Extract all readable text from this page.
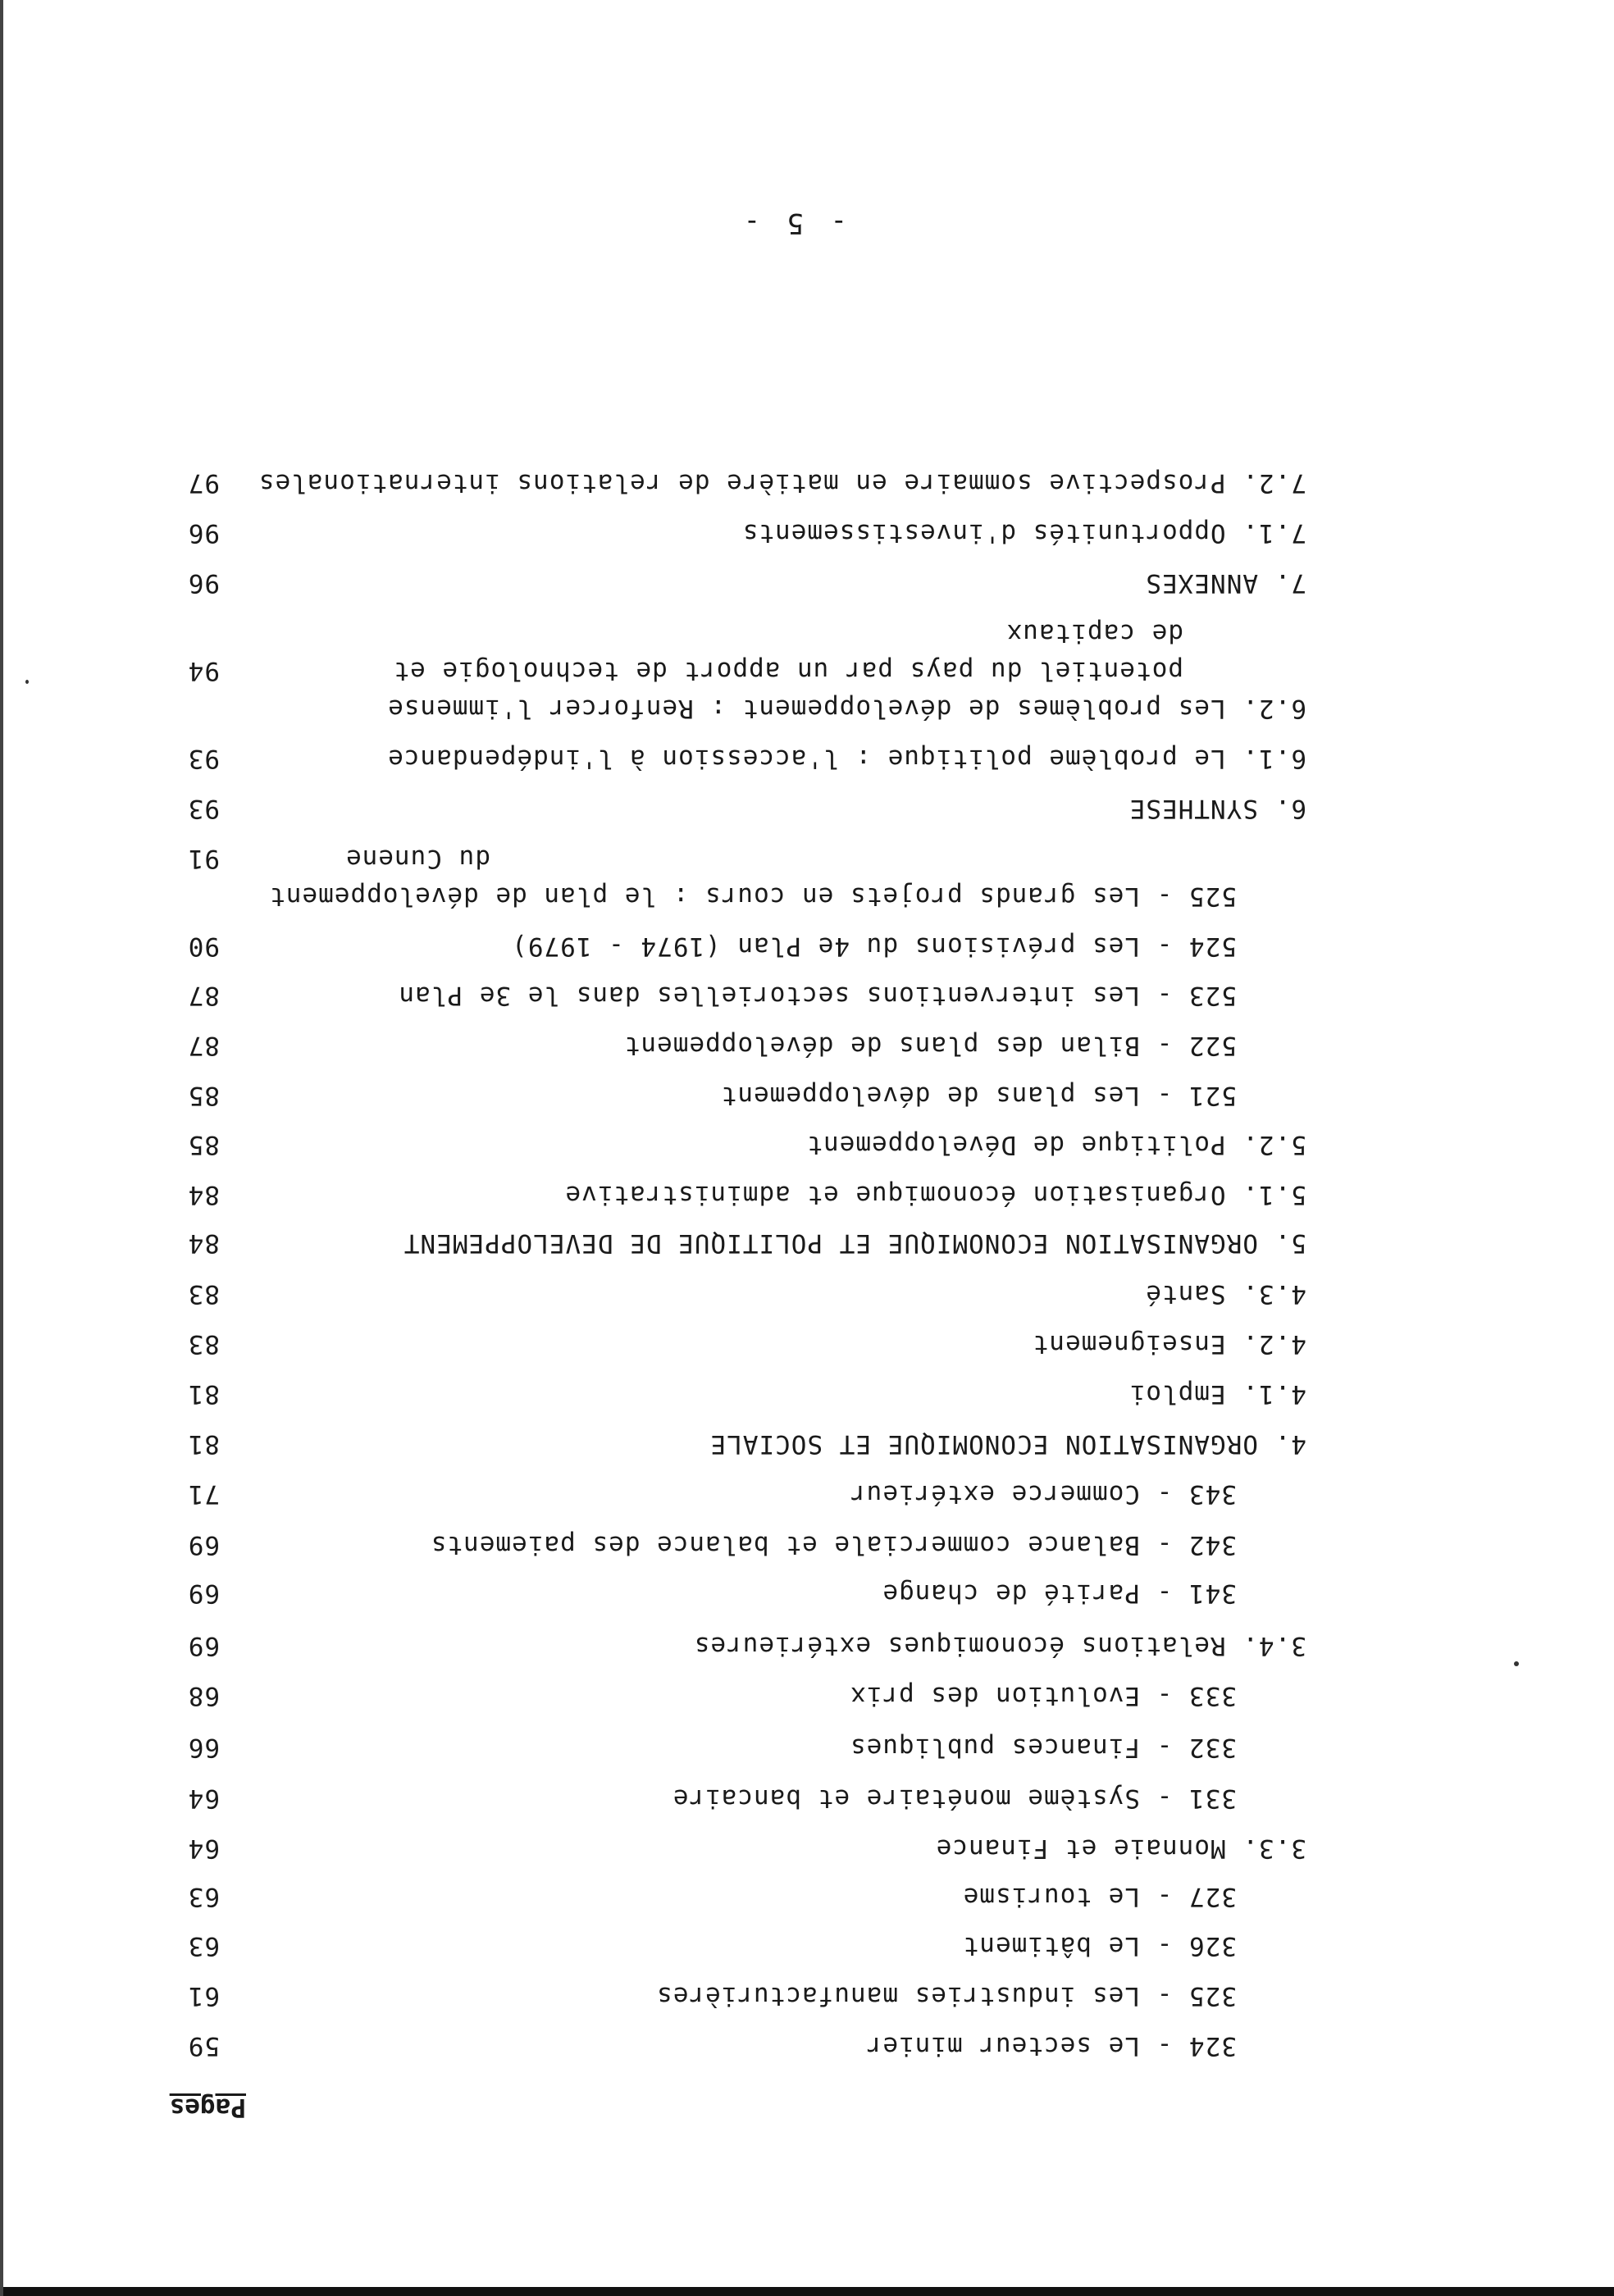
Pages
324 - Le secteur minier
59
325 - Les industries manufacturières
61
326 - Le bâtiment
63
327 - Le tourisme
63
3.3. Monnaie et Finance
64
331 - Système monétaire et bancaire
64
332 - Finances publiques
66
333 - Evolution des prix
68
3.4. Relations économiques extérieures
69
341 - Parité de change
69
342 - Balance commerciale et balance des paiements
69
343 - Commerce extérieur
71
4. ORGANISATION ECONOMIQUE ET SOCIALE
81
4.1. Emploi
81
4.2. Enseignement
83
4.3. Santé
83
5. ORGANISATION ECONOMIQUE ET POLITIQUE DE DEVELOPPEMENT
84
5.1. Organisation économique et administrative
84
5.2. Politique de Développement
85
521 - Les plans de développement
85
522 - Bilan des plans de développement
87
523 - Les interventions sectorielles dans le 3e Plan
87
524 - Les prévisions du 4e Plan (1974 - 1979)
90
525 - Les grands projets en cours : le plan de développement
du Cunene
91
6. SYNTHESE
93
6.1. Le problème politique : l'accession à l'indépendance
93
6.2. Les problèmes de développement : Renforcer l'immense
potentiel du pays par un apport de technologie et
de capitaux
94
7. ANNEXES
96
7.1. Opportunités d'investissements
96
7.2. Prospective sommaire en matière de relations internationales
97
- 5 -
